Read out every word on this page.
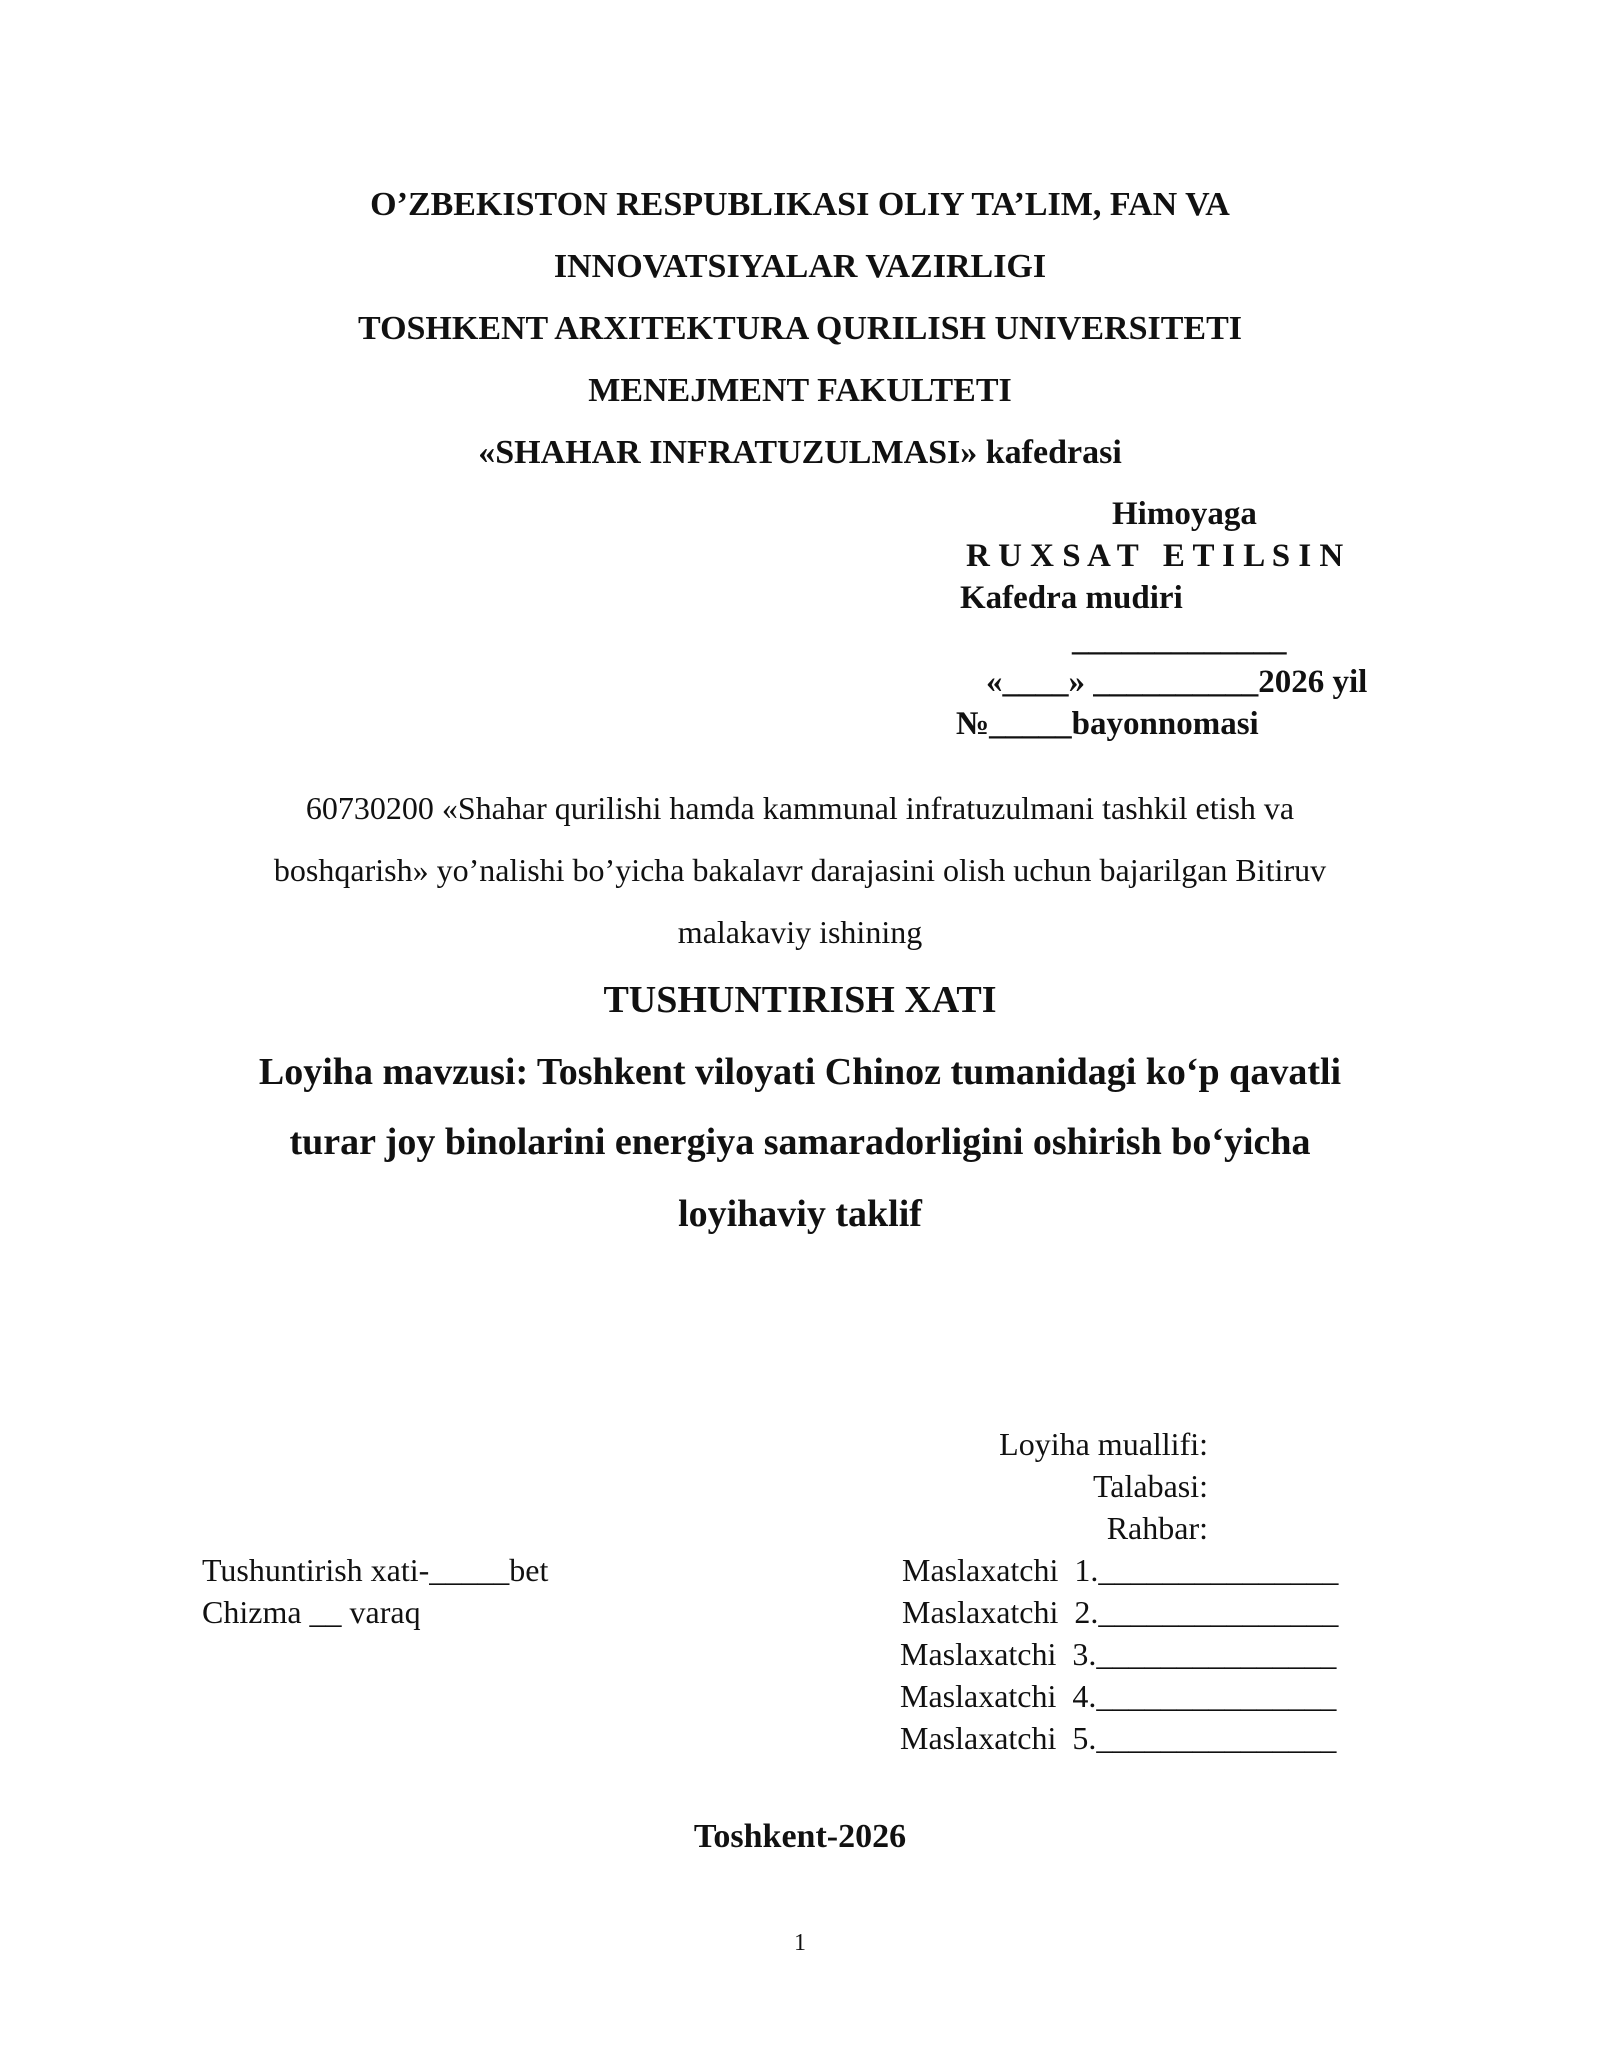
O’ZBEKISTON RESPUBLIKASI OLIY TA’LIM, FAN VA
INNOVATSIYALAR VAZIRLIGI
TOSHKENT ARXITEKTURA QURILISH UNIVERSITETI
MENEJMENT FAKULTETI
«SHAHAR INFRATUZULMASI» kafedrasi
Himoyaga
R U X S A T   E T I L S I N
Kafedra mudiri
_____________
«____» __________2026 yil
№_____bayonnomasi
60730200 «Shahar qurilishi hamda kammunal infratuzulmani tashkil etish va
boshqarish» yo’nalishi bo’yicha bakalavr darajasini olish uchun bajarilgan Bitiruv
malakaviy ishining
TUSHUNTIRISH XATI
Loyiha mavzusi: Toshkent viloyati Chinoz tumanidagi koʻp qavatli
turar joy binolarini energiya samaradorligini oshirish boʻyicha
loyihaviy taklif
Loyiha muallifi:
Talabasi:
Rahbar:
Tushuntirish xati-_____bet
Chizma __ varaq
Maslaxatchi  1._______________
Maslaxatchi  2._______________
Maslaxatchi  3._______________
Maslaxatchi  4._______________
Maslaxatchi  5._______________
Toshkent-2026
1
